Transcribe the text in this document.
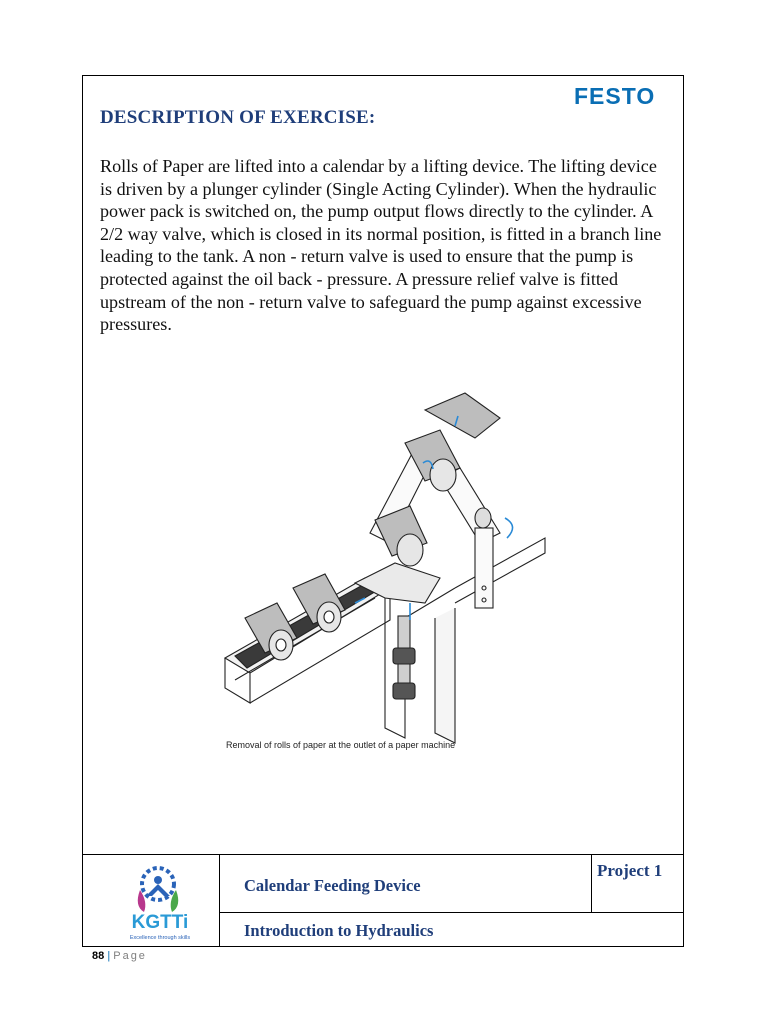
FESTO
DESCRIPTION OF EXERCISE:

Rolls of Paper are lifted into a calendar by a lifting device. The lifting device is driven by a plunger cylinder (Single Acting Cylinder). When the hydraulic power pack is switched on, the pump output flows directly to the cylinder. A 2/2 way valve, which is closed in its normal position, is fitted in a branch line leading to the tank. A non - return valve is used to ensure that the pump is protected against the oil back - pressure. A pressure relief valve is fitted upstream of the non - return valve to safeguard the pump against excessive pressures.

Removal of rolls of paper at the outlet of a paper machine
KGTTi
Excellence through skills
Calendar Feeding Device
Introduction to Hydraulics
Project 1
88 | Page
